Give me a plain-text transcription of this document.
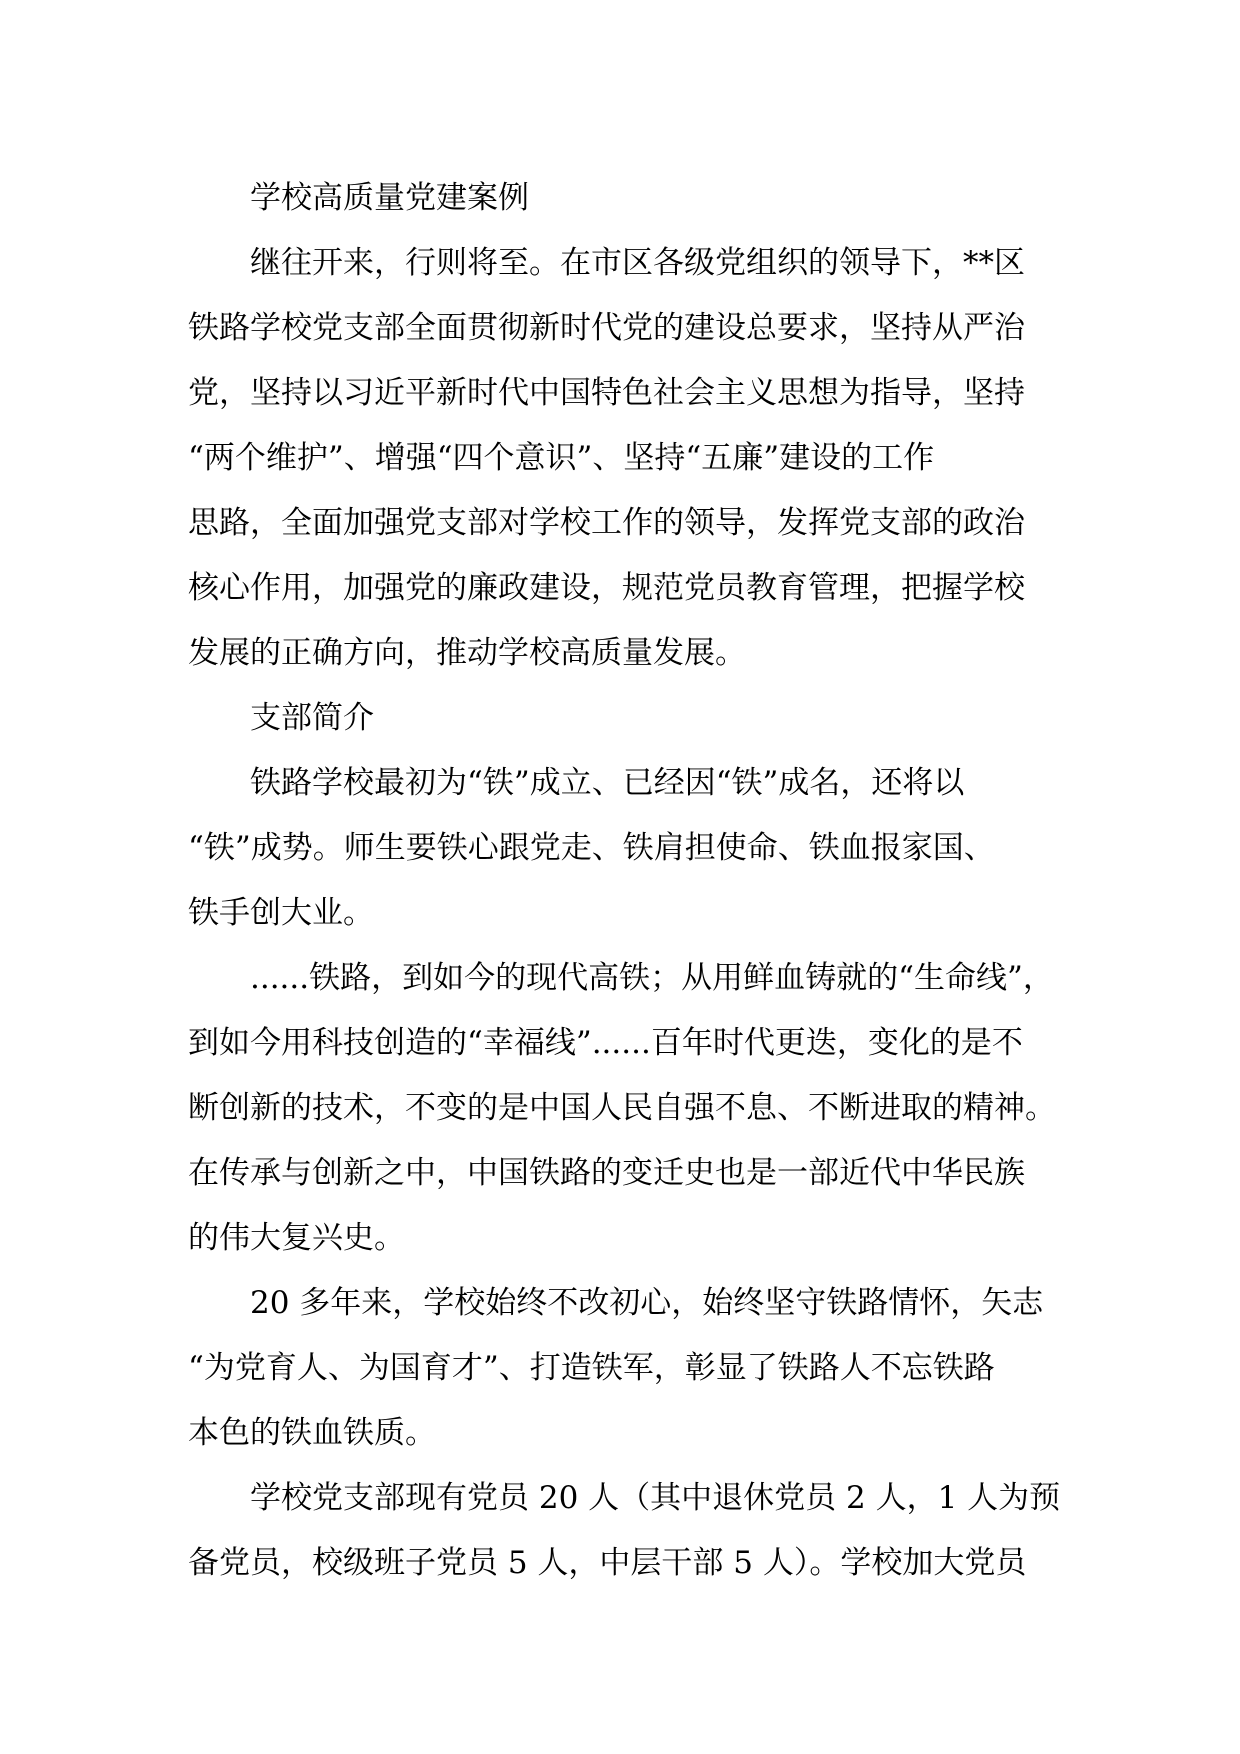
学校高质量党建案例
继往开来，行则将至。在市区各级党组织的领导下，**区
铁路学校党支部全面贯彻新时代党的建设总要求，坚持从严治
党，坚持以习近平新时代中国特色社会主义思想为指导，坚持
“两个维护”、增强“四个意识”、坚持“五廉”建设的工作
思路，全面加强党支部对学校工作的领导，发挥党支部的政治
核心作用，加强党的廉政建设，规范党员教育管理，把握学校
发展的正确方向，推动学校高质量发展。
支部简介
铁路学校最初为“铁”成立、已经因“铁”成名，还将以
“铁”成势。师生要铁心跟党走、铁肩担使命、铁血报家国、
铁手创大业。
......铁路，到如今的现代高铁；从用鲜血铸就的“生命线”，
到如今用科技创造的“幸福线”......百年时代更迭，变化的是不
断创新的技术，不变的是中国人民自强不息、不断进取的精神。
在传承与创新之中，中国铁路的变迁史也是一部近代中华民族
的伟大复兴史。
20 多年来，学校始终不改初心，始终坚守铁路情怀，矢志
“为党育人、为国育才”、打造铁军，彰显了铁路人不忘铁路
本色的铁血铁质。
学校党支部现有党员 20 人（其中退休党员 2 人，1 人为预
备党员，校级班子党员 5 人，中层干部 5 人）。学校加大党员
